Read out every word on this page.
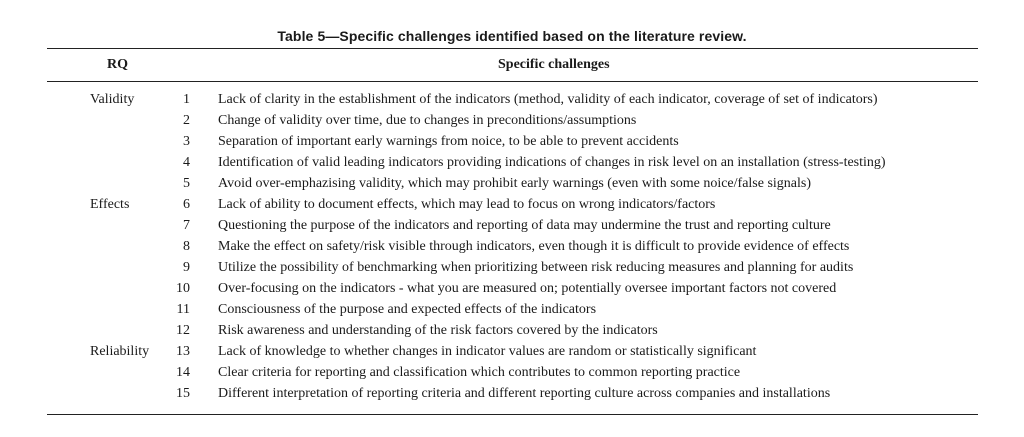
Table 5—Specific challenges identified based on the literature review.
RQ	Specific challenges
Validity	1 Lack of clarity in the establishment of the indicators (method, validity of each indicator, coverage of set of indicators)
2 Change of validity over time, due to changes in preconditions/assumptions
3 Separation of important early warnings from noice, to be able to prevent accidents
4 Identification of valid leading indicators providing indications of changes in risk level on an installation (stress-testing)
5 Avoid over-emphazising validity, which may prohibit early warnings (even with some noice/false signals)
Effects	6 Lack of ability to document effects, which may lead to focus on wrong indicators/factors
7 Questioning the purpose of the indicators and reporting of data may undermine the trust and reporting culture
8 Make the effect on safety/risk visible through indicators, even though it is difficult to provide evidence of effects
9 Utilize the possibility of benchmarking when prioritizing between risk reducing measures and planning for audits
10 Over-focusing on the indicators - what you are measured on; potentially oversee important factors not covered
11 Consciousness of the purpose and expected effects of the indicators
12 Risk awareness and understanding of the risk factors covered by the indicators
Reliability	13 Lack of knowledge to whether changes in indicator values are random or statistically significant
14 Clear criteria for reporting and classification which contributes to common reporting practice
15 Different interpretation of reporting criteria and different reporting culture across companies and installations
